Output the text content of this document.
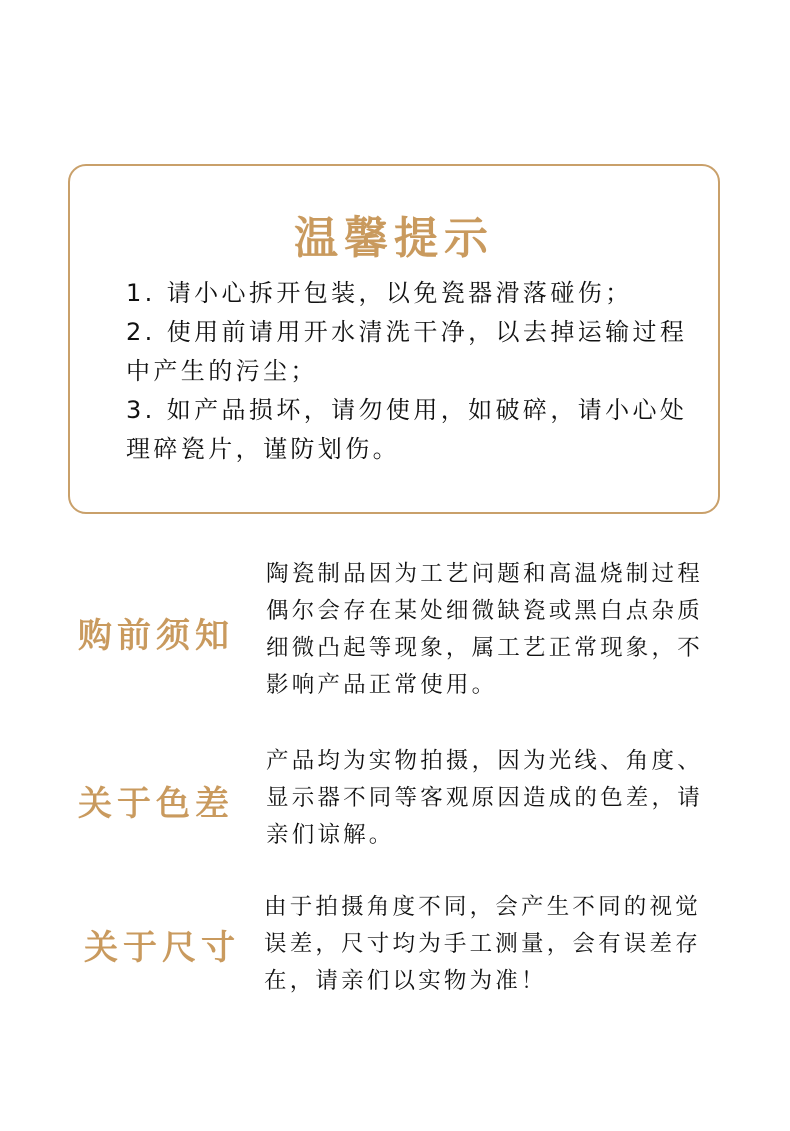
温馨提示

1. 请小心拆开包装，以免瓷器滑落碰伤；

2. 使用前请用开水清洗干净，以去掉运输过程中产生的污尘；

3. 如产品损坏，请勿使用，如破碎，请小心处理碎瓷片，谨防划伤。

购前须知
陶瓷制品因为工艺问题和高温烧制过程偶尔会存在某处细微缺瓷或黑白点杂质细微凸起等现象，属工艺正常现象，不影响产品正常使用。
关于色差
产品均为实物拍摄，因为光线、角度、显示器不同等客观原因造成的色差，请亲们谅解。
关于尺寸
由于拍摄角度不同，会产生不同的视觉误差，尺寸均为手工测量，会有误差存在，请亲们以实物为准！
